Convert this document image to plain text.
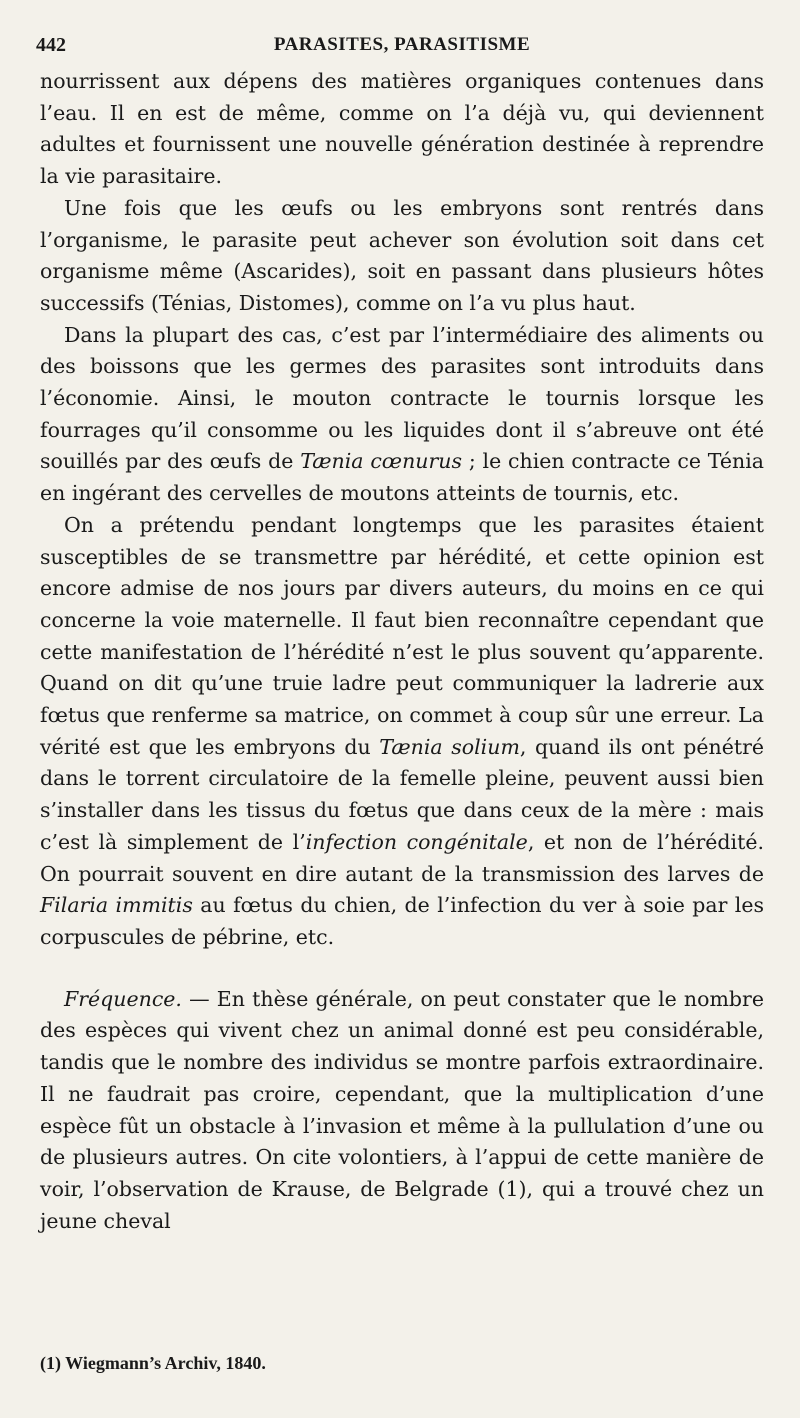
442	PARASITES, PARASITISME

nourrissent aux dépens des matières organiques contenues dans l’eau. Il en est de même, comme on l’a déjà vu, qui deviennent adultes et fournissent une nouvelle génération destinée à reprendre la vie parasitaire.

Une fois que les œufs ou les embryons sont rentrés dans l’organisme, le parasite peut achever son évolution soit dans cet organisme même (Ascarides), soit en passant dans plusieurs hôtes successifs (Ténias, Distomes), comme on l’a vu plus haut.

Dans la plupart des cas, c’est par l’intermédiaire des aliments ou des boissons que les germes des parasites sont introduits dans l’économie. Ainsi, le mouton contracte le tournis lorsque les fourrages qu’il consomme ou les liquides dont il s’abreuve ont été souillés par des œufs de Tænia cœnurus ; le chien contracte ce Ténia en ingérant des cervelles de moutons atteints de tournis, etc.

On a prétendu pendant longtemps que les parasites étaient susceptibles de se transmettre par hérédité, et cette opinion est encore admise de nos jours par divers auteurs, du moins en ce qui concerne la voie maternelle. Il faut bien reconnaître cependant que cette manifestation de l’hérédité n’est le plus souvent qu’apparente. Quand on dit qu’une truie ladre peut communiquer la ladrerie aux fœtus que renferme sa matrice, on commet à coup sûr une erreur. La vérité est que les embryons du Tænia solium, quand ils ont pénétré dans le torrent circulatoire de la femelle pleine, peuvent aussi bien s’installer dans les tissus du fœtus que dans ceux de la mère : mais c’est là simplement de l’infection congénitale, et non de l’hérédité. On pourrait souvent en dire autant de la transmission des larves de Filaria immitis au fœtus du chien, de l’infection du ver à soie par les corpuscules de pébrine, etc.

Fréquence. — En thèse générale, on peut constater que le nombre des espèces qui vivent chez un animal donné est peu considérable, tandis que le nombre des individus se montre parfois extraordinaire. Il ne faudrait pas croire, cependant, que la multiplication d’une espèce fût un obstacle à l’invasion et même à la pullulation d’une ou de plusieurs autres. On cite volontiers, à l’appui de cette manière de voir, l’observation de Krause, de Belgrade (1), qui a trouvé chez un jeune cheval

(1) Wiegmann’s Archiv, 1840.
